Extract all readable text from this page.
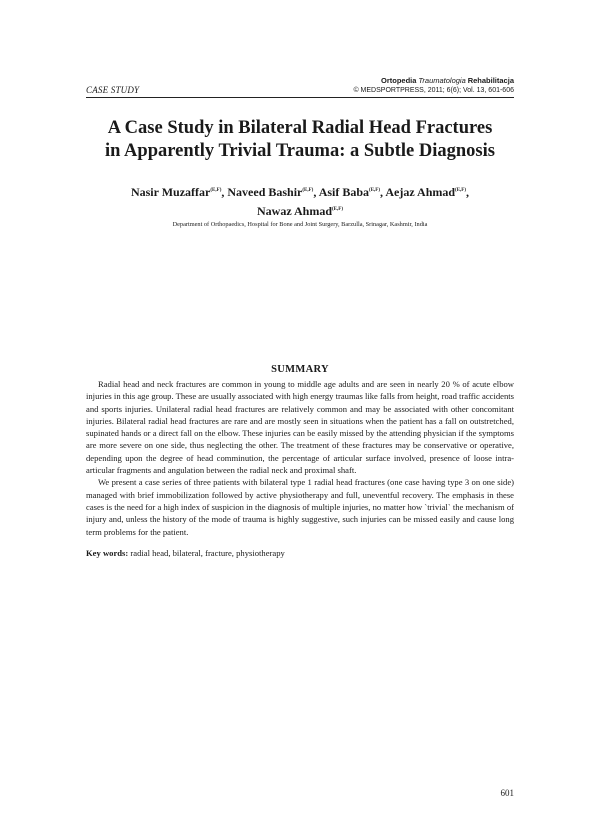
CASE STUDY
Ortopedia Traumatologia Rehabilitacja
© MEDSPORTPRESS, 2011; 6(6); Vol. 13, 601-606
A Case Study in Bilateral Radial Head Fractures
in Apparently Trivial Trauma: a Subtle Diagnosis
Nasir Muzaffar$^{(E,F)}$, Naveed Bashir$^{(E,F)}$, Asif Baba$^{(E,F)}$, Aejaz Ahmad$^{(E,F)}$,
Nawaz Ahmad$^{(E,F)}$
Department of Orthopaedics, Hospital for Bone and Joint Surgery, Barzulla, Srinagar, Kashmir, India
SUMMARY

Radial head and neck fractures are common in young to middle age adults and are seen in nearly 20 % of acute elbow injuries in this age group. These are usually associated with high energy traumas like falls from height, road traffic accidents and sports injuries. Unilateral radial head fractures are relatively common and may be associated with other concomitant injuries. Bilateral radial head fractures are rare and are mostly seen in situations when the patient has a fall on outstretched, supinated hands or a direct fall on the elbow. These injuries can be easily missed by the attending physician if the symptoms are more severe on one side, thus neglecting the other. The treatment of these fractures may be conservative or operative, depending upon the degree of head comminution, the percentage of articular surface involved, presence of loose intra-articular fragments and angulation between the radial neck and proximal shaft.

We present a case series of three patients with bilateral type 1 radial head fractures (one case having type 3 on one side) managed with brief immobilization followed by active physiotherapy and full, uneventful recovery. The emphasis in these cases is the need for a high index of suspicion in the diagnosis of multiple injuries, no matter how `trivial` the mechanism of injury and, unless the history of the mode of trauma is highly suggestive, such injuries can be missed easily and cause long term problems for the patient.

Key words: radial head, bilateral, fracture, physiotherapy
601
